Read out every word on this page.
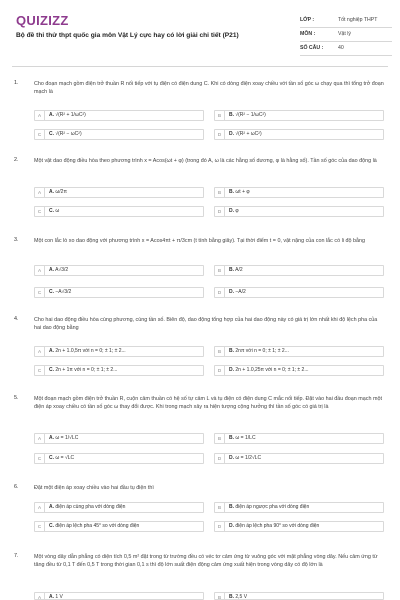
QUIZIZZ
Bộ đề thi thử thpt quốc gia môn Vật Lý cực hay có lời giải chi tiết (P21)
LỚP :	Tốt nghiệp THPT
MÔN :	Vật lý
SỐ CÂU :	40
1.	Cho đoạn mạch gồm điện trở thuần R nối tiếp với tụ điện có điện dung C. Khi có dòng điện xoay chiều với tần số góc ω chạy qua thì tổng trở đoạn mạch là
A	A. √(R² + 1/ωC²)	B	B. √(R² − 1/ωC²)
C	C. √(R² − ωC²)	D	D. √(R² + ωC²)
2.	Một vật dao động điều hòa theo phương trình x = Acos(ωt + φ) (trong đó A, ω là các hằng số dương, φ là hằng số). Tần số góc của dao động là
A	A. ω/2π	B	B. ωt + φ
C	C. ω	D	D. φ
3.	Một con lắc lò xo dao động với phương trình x = Acos4πt + π/3cm (t tính bằng giây). Tại thời điểm t = 0, vật nặng của con lắc có li độ bằng
A	A. A√3/2	B	B. A/2
C	C. −A√3/2	D	D. −A/2
4.	Cho hai dao động điều hòa cùng phương, cùng tần số. Biên độ, dao động tổng hợp của hai dao động này có giá trị lớn nhất khi độ lệch pha của hai dao động bằng
A	A. 2n + 1.0,5π với n = 0; ± 1; ± 2...	B	B. 2nπ với n = 0; ± 1; ± 2...
C	C. 2n + 1π với n = 0; ± 1; ± 2...	D	D. 2n + 1.0,25π với n = 0; ± 1; ± 2...
5.	Một đoạn mạch gồm điện trở thuần R, cuộn cảm thuần có hệ số tự cảm L và tụ điện có điện dung C mắc nối tiếp. Đặt vào hai đầu đoạn mạch một điện áp xoay chiều có tần số góc ω thay đổi được. Khi trong mạch xảy ra hiện tượng cộng hưởng thì tần số góc có giá trị là
A	A. ω = 1/√LC	B	B. ω = 1/LC
C	C. ω = √LC	D	D. ω = 1/2√LC
6.	Đặt một điện áp xoay chiều vào hai đầu tụ điện thì
A	A. điện áp cùng pha với dòng điện	B	B. điện áp ngược pha với dòng điện
C	C. điện áp lệch pha 45° so với dòng điện	D	D. điện áp lệch pha 90° so với dòng điện
7.	Một vòng dây dẫn phẳng có diện tích 0,5 m² đặt trong từ trường đều có véc tơ cảm ứng từ vuông góc với mặt phẳng vòng dây. Nếu cảm ứng từ tăng đều từ 0,1 T đến 0,5 T trong thời gian 0,1 s thì độ lớn suất điện động cảm ứng xuất hiện trong vòng dây có độ lớn là
A	A. 1 V	B	B. 2,5 V
